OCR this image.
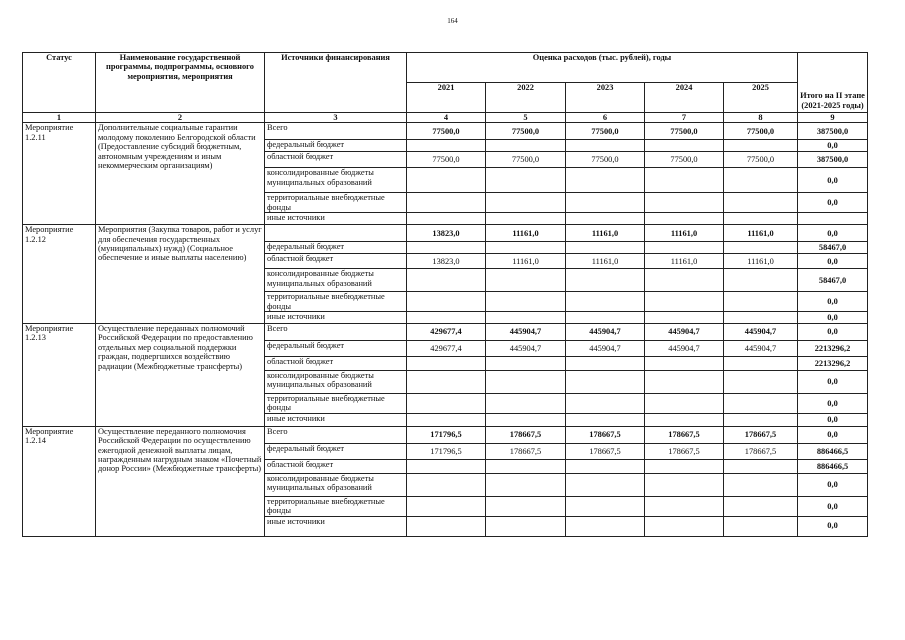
164
Статус	Наименование государственной программы, подпрограммы, основного мероприятия, мероприятия	Источники финансирования	Оценка расходов (тыс. рублей), годы					Итого на II этапе (2021-2025 годы)

			2021	2022	2023	2024	2025	
1	2	3	4	5	6	7	8	9
Мероприятие 1.2.11	Дополнительные социальные гарантии молодому поколению Белгородской области (Предоставление субсидий бюджетным, автономным учреждениям и иным некоммерческим организациям)	Всего	77500,0	77500,0	77500,0	77500,0	77500,0	387500,0
		федеральный бюджет						0,0
		областной бюджет	77500,0	77500,0	77500,0	77500,0	77500,0	387500,0
		консолидированные бюджеты муниципальных образований						0,0
		территориальные внебюджетные фонды						0,0
		иные источники						
Мероприятие 1.2.12	Мероприятия (Закупка товаров, работ и услуг для обеспечения государственных (муниципальных) нужд) (Социальное обеспечение и иные выплаты населению)		13823,0	11161,0	11161,0	11161,0	11161,0	0,0
		федеральный бюджет						58467,0
		областной бюджет	13823,0	11161,0	11161,0	11161,0	11161,0	0,0
		консолидированные бюджеты муниципальных образований						58467,0
		территориальные внебюджетные фонды						0,0
		иные источники						0,0
Мероприятие 1.2.13	Осуществление переданных полномочий Российской Федерации по предоставлению отдельных мер социальной поддержки граждан, подвергшихся воздействию радиации (Межбюджетные трансферты)	Всего	429677,4	445904,7	445904,7	445904,7	445904,7	0,0
		федеральный бюджет	429677,4	445904,7	445904,7	445904,7	445904,7	2213296,2
		областной бюджет						2213296,2
		консолидированные бюджеты муниципальных образований						0,0
		территориальные внебюджетные фонды						0,0
		иные источники						0,0
Мероприятие 1.2.14	Осуществление переданного полномочия Российской Федерации по осуществлению ежегодной денежной выплаты лицам, награжденным нагрудным знаком «Почетный донор России» (Межбюджетные трансферты)	Всего	171796,5	178667,5	178667,5	178667,5	178667,5	0,0
		федеральный бюджет	171796,5	178667,5	178667,5	178667,5	178667,5	886466,5
		областной бюджет						886466,5
		консолидированные бюджеты муниципальных образований						0,0
		территориальные внебюджетные фонды						0,0
		иные источники						0,0
